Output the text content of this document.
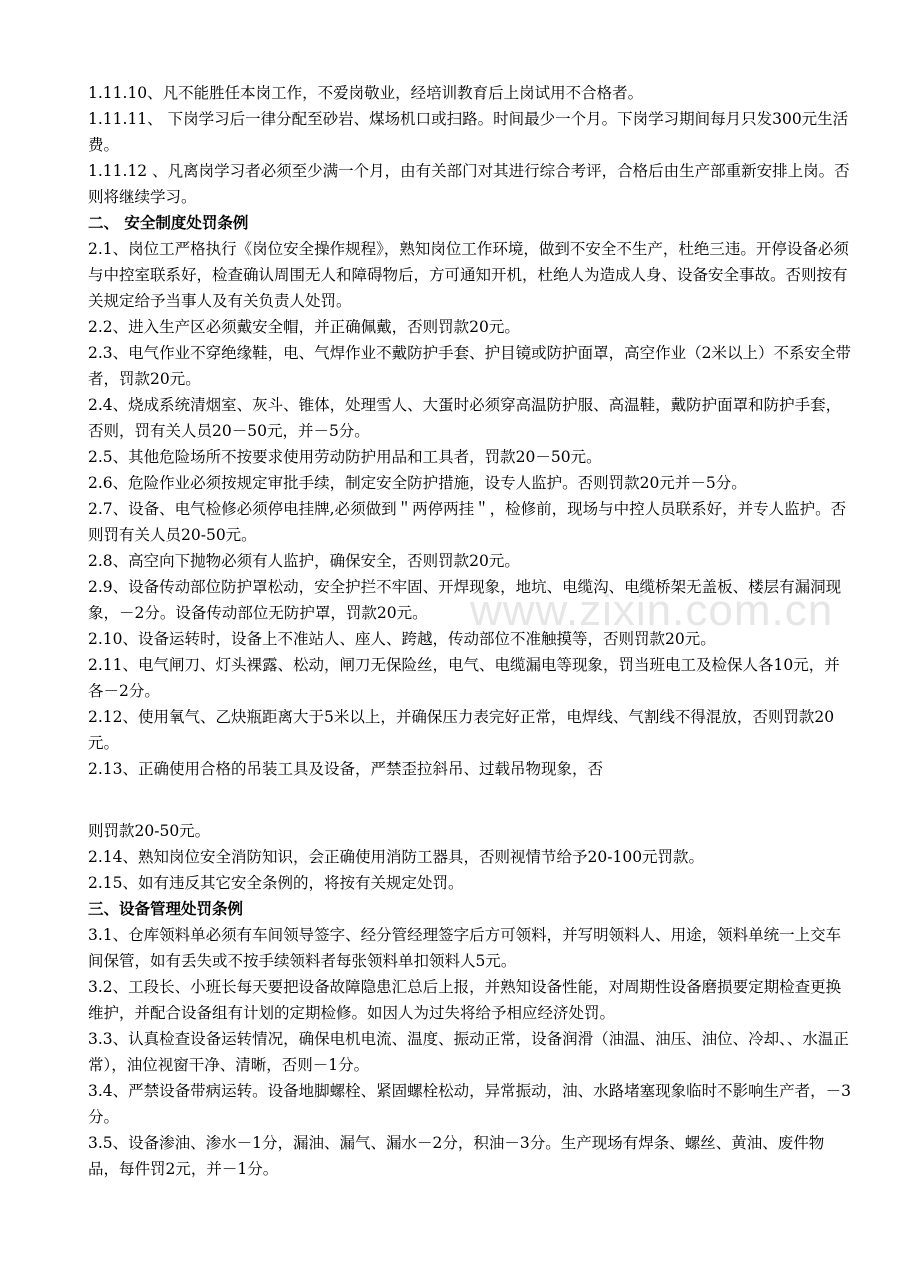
www.zixin.com.cn

1.11.10、凡不能胜任本岗工作，不爱岗敬业，经培训教育后上岗试用不合格者。

1.11.11、 下岗学习后一律分配至砂岩、煤场机口或扫路。时间最少一个月。下岗学习期间每月只发300元生活费。

1.11.12 、凡离岗学习者必须至少满一个月，由有关部门对其进行综合考评，合格后由生产部重新安排上岗。否则将继续学习。

二、 安全制度处罚条例

2.1、岗位工严格执行《岗位安全操作规程》，熟知岗位工作环境，做到不安全不生产，杜绝三违。开停设备必须与中控室联系好，检查确认周围无人和障碍物后，方可通知开机，杜绝人为造成人身、设备安全事故。否则按有关规定给予当事人及有关负责人处罚。

2.2、进入生产区必须戴安全帽，并正确佩戴，否则罚款20元。

2.3、电气作业不穿绝缘鞋，电、气焊作业不戴防护手套、护目镜或防护面罩，高空作业（2米以上）不系安全带者，罚款20元。

2.4、烧成系统清烟室、灰斗、锥体，处理雪人、大蛋时必须穿高温防护服、高温鞋，戴防护面罩和防护手套，否则，罚有关人员20－50元，并－5分。

2.5、其他危险场所不按要求使用劳动防护用品和工具者，罚款20－50元。

2.6、危险作业必须按规定审批手续，制定安全防护措施，设专人监护。否则罚款20元并－5分。

2.7、设备、电气检修必须停电挂牌,必须做到＂两停两挂＂，检修前，现场与中控人员联系好，并专人监护。否则罚有关人员20-50元。

2.8、高空向下抛物必须有人监护，确保安全，否则罚款20元。

2.9、设备传动部位防护罩松动，安全护拦不牢固、开焊现象，地坑、电缆沟、电缆桥架无盖板、楼层有漏洞现象，－2分。设备传动部位无防护罩，罚款20元。

2.10、设备运转时，设备上不准站人、座人、跨越，传动部位不准触摸等，否则罚款20元。

2.11、电气闸刀、灯头裸露、松动，闸刀无保险丝，电气、电缆漏电等现象，罚当班电工及检保人各10元，并各－2分。

2.12、使用氧气、乙炔瓶距离大于5米以上，并确保压力表完好正常，电焊线、气割线不得混放，否则罚款20元。

2.13、正确使用合格的吊装工具及设备，严禁歪拉斜吊、过载吊物现象，否

则罚款20-50元。

2.14、熟知岗位安全消防知识，会正确使用消防工器具，否则视情节给予20-100元罚款。

2.15、如有违反其它安全条例的，将按有关规定处罚。

三、设备管理处罚条例

3.1、仓库领料单必须有车间领导签字、经分管经理签字后方可领料，并写明领料人、用途，领料单统一上交车间保管，如有丢失或不按手续领料者每张领料单扣领料人5元。

3.2、工段长、小班长每天要把设备故障隐患汇总后上报，并熟知设备性能，对周期性设备磨损要定期检查更换维护，并配合设备组有计划的定期检修。如因人为过失将给予相应经济处罚。

3.3、认真检查设备运转情况，确保电机电流、温度、振动正常，设备润滑（油温、油压、油位、冷却、、水温正常），油位视窗干净、清晰，否则－1分。

3.4、严禁设备带病运转。设备地脚螺栓、紧固螺栓松动，异常振动，油、水路堵塞现象临时不影响生产者，－3分。

3.5、设备渗油、渗水－1分，漏油、漏气、漏水－2分，积油－3分。生产现场有焊条、螺丝、黄油、废件物品，每件罚2元，并－1分。
